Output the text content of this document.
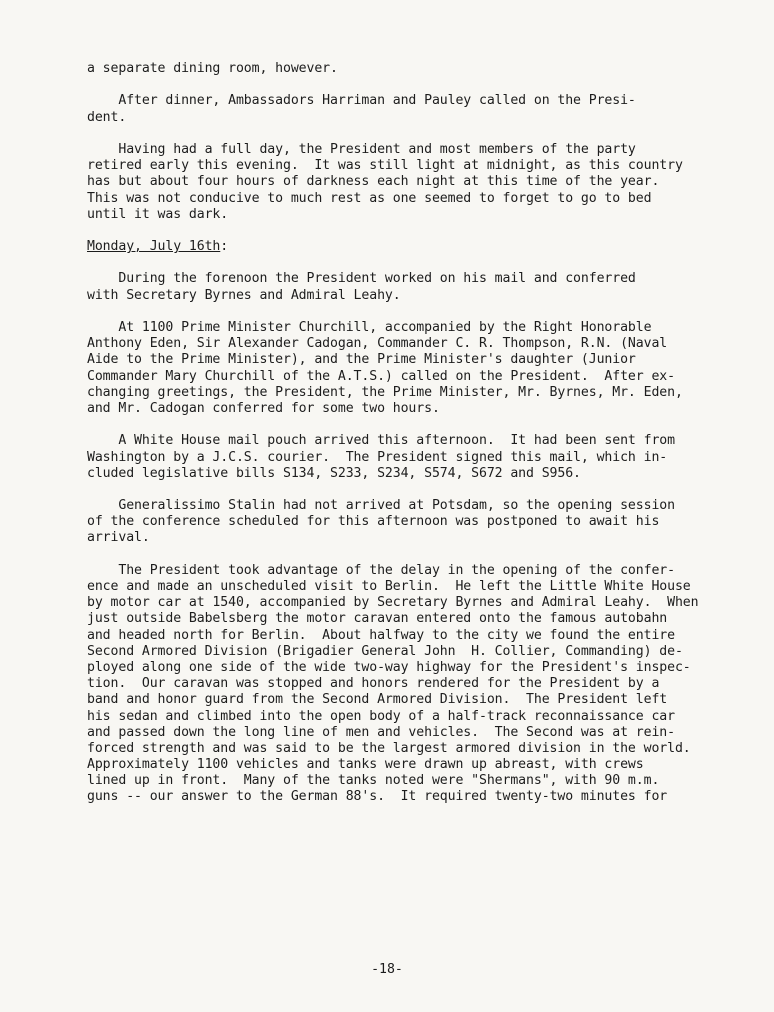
a separate dining room, however.
After dinner, Ambassadors Harriman and Pauley called on the Presi-
dent.
Having had a full day, the President and most members of the party
retired early this evening.  It was still light at midnight, as this country
has but about four hours of darkness each night at this time of the year.
This was not conducive to much rest as one seemed to forget to go to bed
until it was dark.
Monday, July 16th:
During the forenoon the President worked on his mail and conferred
with Secretary Byrnes and Admiral Leahy.
At 1100 Prime Minister Churchill, accompanied by the Right Honorable
Anthony Eden, Sir Alexander Cadogan, Commander C. R. Thompson, R.N. (Naval
Aide to the Prime Minister), and the Prime Minister's daughter (Junior
Commander Mary Churchill of the A.T.S.) called on the President.  After ex-
changing greetings, the President, the Prime Minister, Mr. Byrnes, Mr. Eden,
and Mr. Cadogan conferred for some two hours.
A White House mail pouch arrived this afternoon.  It had been sent from
Washington by a J.C.S. courier.  The President signed this mail, which in-
cluded legislative bills S134, S233, S234, S574, S672 and S956.
Generalissimo Stalin had not arrived at Potsdam, so the opening session
of the conference scheduled for this afternoon was postponed to await his
arrival.
The President took advantage of the delay in the opening of the confer-
ence and made an unscheduled visit to Berlin.  He left the Little White House
by motor car at 1540, accompanied by Secretary Byrnes and Admiral Leahy.  When
just outside Babelsberg the motor caravan entered onto the famous autobahn
and headed north for Berlin.  About halfway to the city we found the entire
Second Armored Division (Brigadier General John  H. Collier, Commanding) de-
ployed along one side of the wide two-way highway for the President's inspec-
tion.  Our caravan was stopped and honors rendered for the President by a
band and honor guard from the Second Armored Division.  The President left
his sedan and climbed into the open body of a half-track reconnaissance car
and passed down the long line of men and vehicles.  The Second was at rein-
forced strength and was said to be the largest armored division in the world.
Approximately 1100 vehicles and tanks were drawn up abreast, with crews
lined up in front.  Many of the tanks noted were "Shermans", with 90 m.m.
guns -- our answer to the German 88's.  It required twenty-two minutes for
-18-
